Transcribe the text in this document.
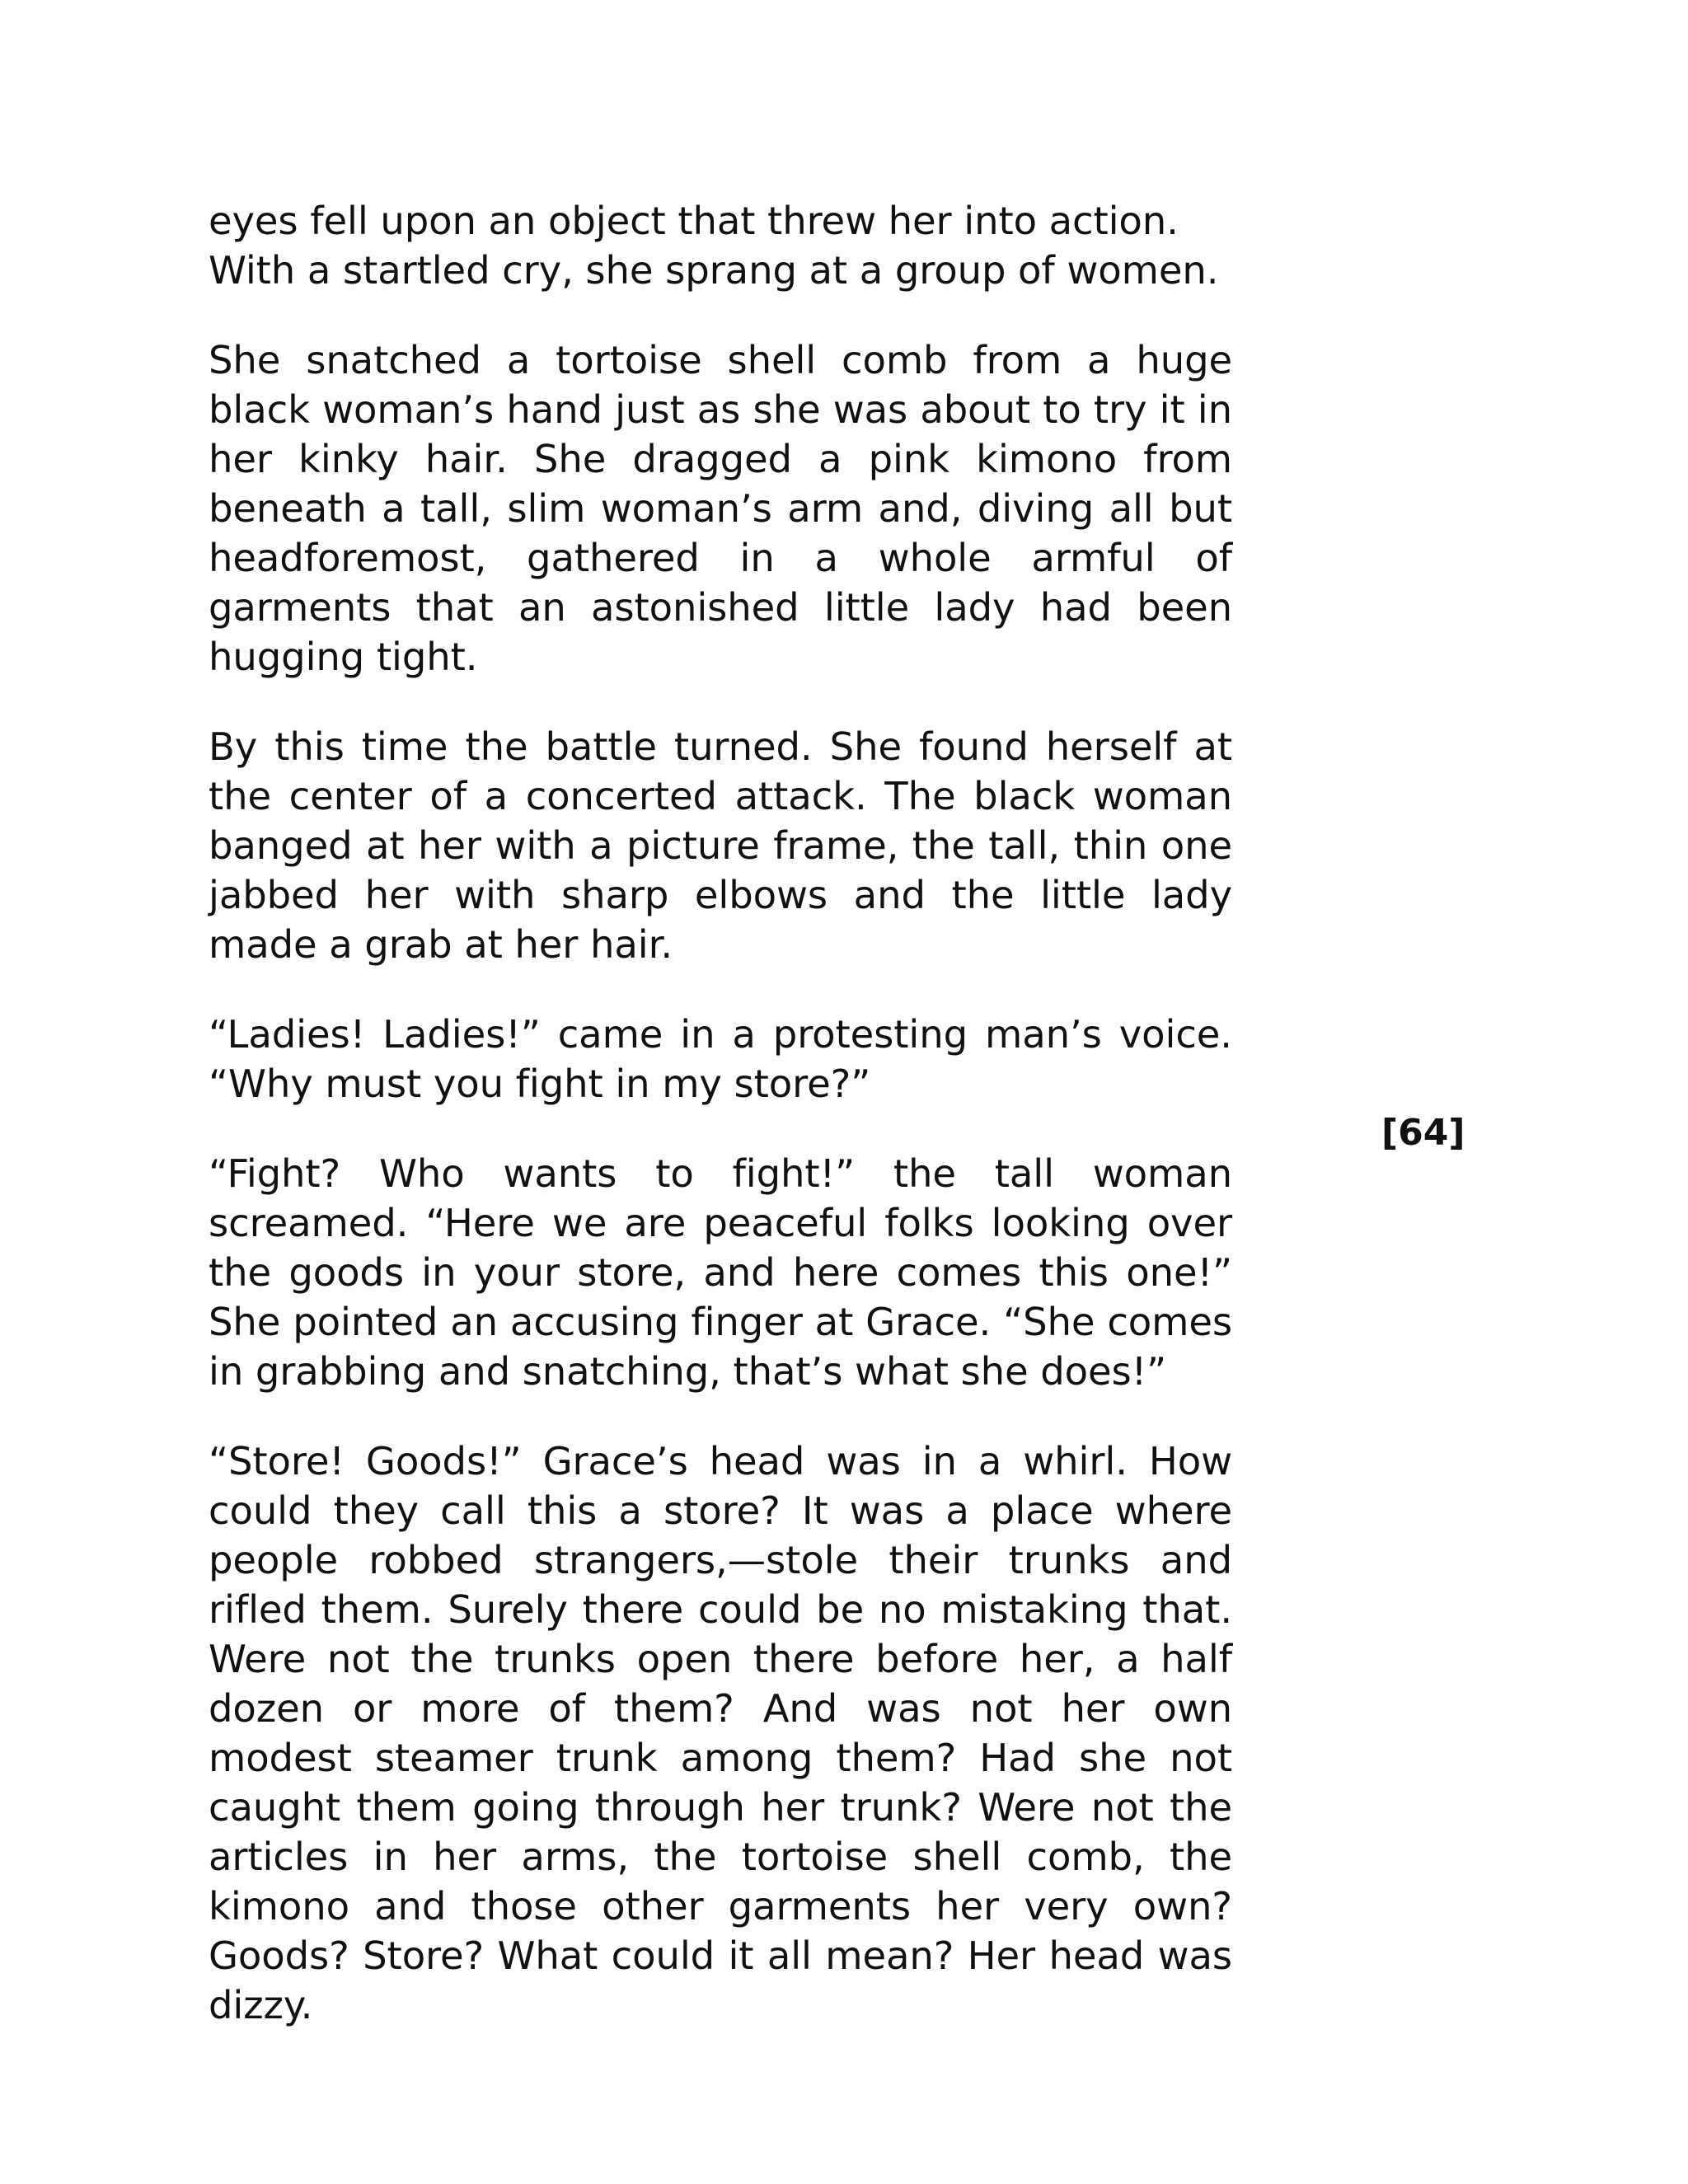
eyes fell upon an object that threw her into action. With a startled cry, she sprang at a group of women.

She snatched a tortoise shell comb from a huge black woman’s hand just as she was about to try it in her kinky hair. She dragged a pink kimono from beneath a tall, slim woman’s arm and, diving all but headforemost, gathered in a whole armful of garments that an astonished little lady had been hugging tight.

By this time the battle turned. She found herself at the center of a concerted attack. The black woman banged at her with a picture frame, the tall, thin one jabbed her with sharp elbows and the little lady made a grab at her hair.

“Ladies! Ladies!” came in a protesting man’s voice. “Why must you fight in my store?”

“Fight? Who wants to fight!” the tall woman screamed. “Here we are peaceful folks looking over the goods in your store, and here comes this one!” She pointed an accusing finger at Grace. “She comes in grabbing and snatching, that’s what she does!”

“Store! Goods!” Grace’s head was in a whirl. How could they call this a store? It was a place where people robbed strangers,—stole their trunks and rifled them. Surely there could be no mistaking that. Were not the trunks open there before her, a half dozen or more of them? And was not her own modest steamer trunk among them? Had she not caught them going through her trunk? Were not the articles in her arms, the tortoise shell comb, the kimono and those other garments her very own? Goods? Store? What could it all mean? Her head was dizzy.

[64]
